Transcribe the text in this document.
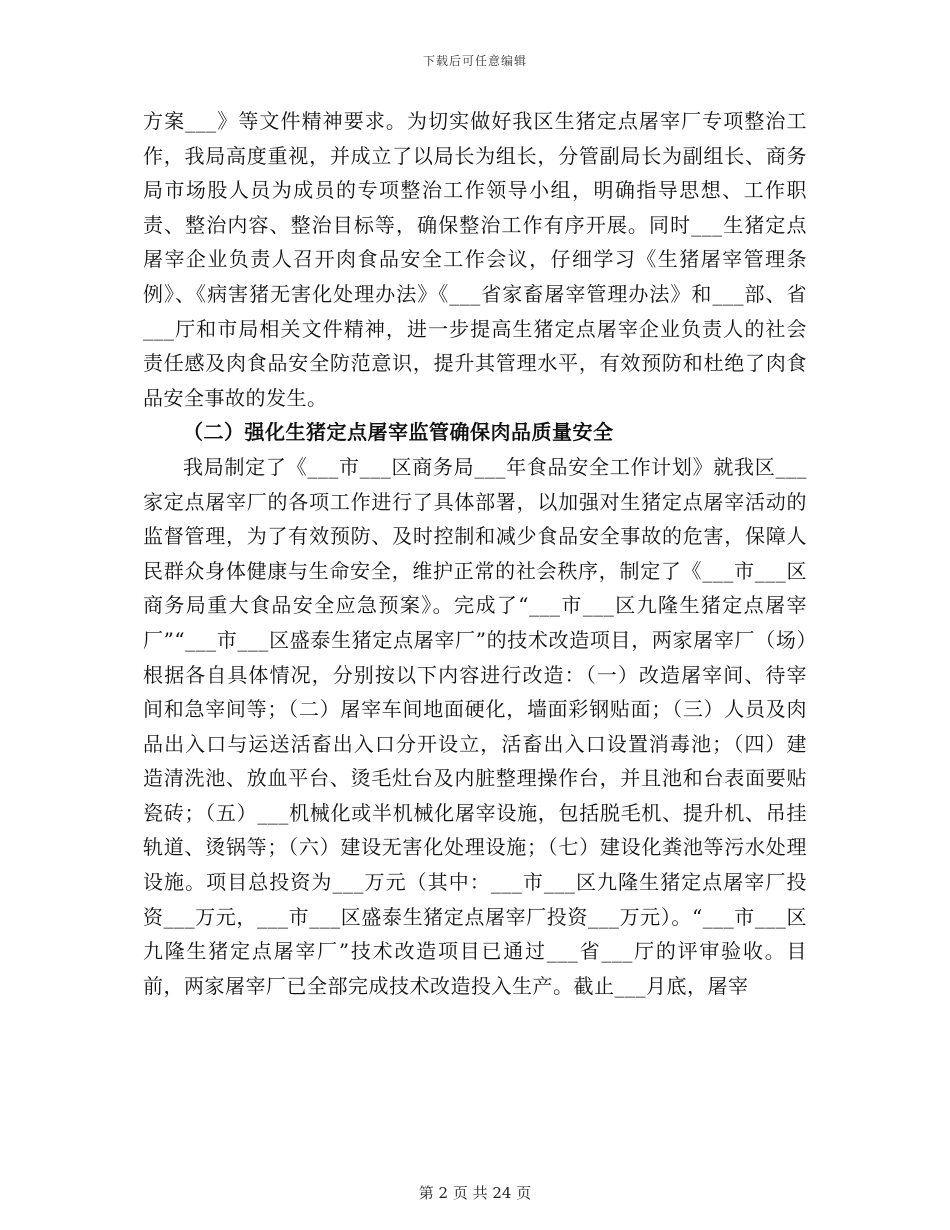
下载后可任意编辑

方案___》等文件精神要求。为切实做好我区生猪定点屠宰厂专项整治工作，我局高度重视，并成立了以局长为组长，分管副局长为副组长、商务局市场股人员为成员的专项整治工作领导小组，明确指导思想、工作职责、整治内容、整治目标等，确保整治工作有序开展。同时___生猪定点屠宰企业负责人召开肉食品安全工作会议，仔细学习《生猪屠宰管理条例》、《病害猪无害化处理办法》《___省家畜屠宰管理办法》和___部、省___厅和市局相关文件精神，进一步提高生猪定点屠宰企业负责人的社会责任感及肉食品安全防范意识，提升其管理水平，有效预防和杜绝了肉食品安全事故的发生。

（二）强化生猪定点屠宰监管确保肉品质量安全

我局制定了《___市___区商务局___年食品安全工作计划》就我区___家定点屠宰厂的各项工作进行了具体部署，以加强对生猪定点屠宰活动的监督管理，为了有效预防、及时控制和减少食品安全事故的危害，保障人民群众身体健康与生命安全，维护正常的社会秩序，制定了《___市___区商务局重大食品安全应急预案》。完成了“___市___区九隆生猪定点屠宰厂”“___市___区盛泰生猪定点屠宰厂”的技术改造项目，两家屠宰厂（场）根据各自具体情况，分别按以下内容进行改造：（一）改造屠宰间、待宰间和急宰间等；（二）屠宰车间地面硬化，墙面彩钢贴面；（三）人员及肉品出入口与运送活畜出入口分开设立，活畜出入口设置消毒池；（四）建造清洗池、放血平台、烫毛灶台及内脏整理操作台，并且池和台表面要贴瓷砖；（五）___机械化或半机械化屠宰设施，包括脱毛机、提升机、吊挂轨道、烫锅等；（六）建设无害化处理设施；（七）建设化粪池等污水处理设施。项目总投资为___万元（其中：___市___区九隆生猪定点屠宰厂投资___万元，___市___区盛泰生猪定点屠宰厂投资___万元）。“___市___区九隆生猪定点屠宰厂”技术改造项目已通过___省___厅的评审验收。目前，两家屠宰厂已全部完成技术改造投入生产。截止___月底，屠宰

第 2 页 共 24 页
